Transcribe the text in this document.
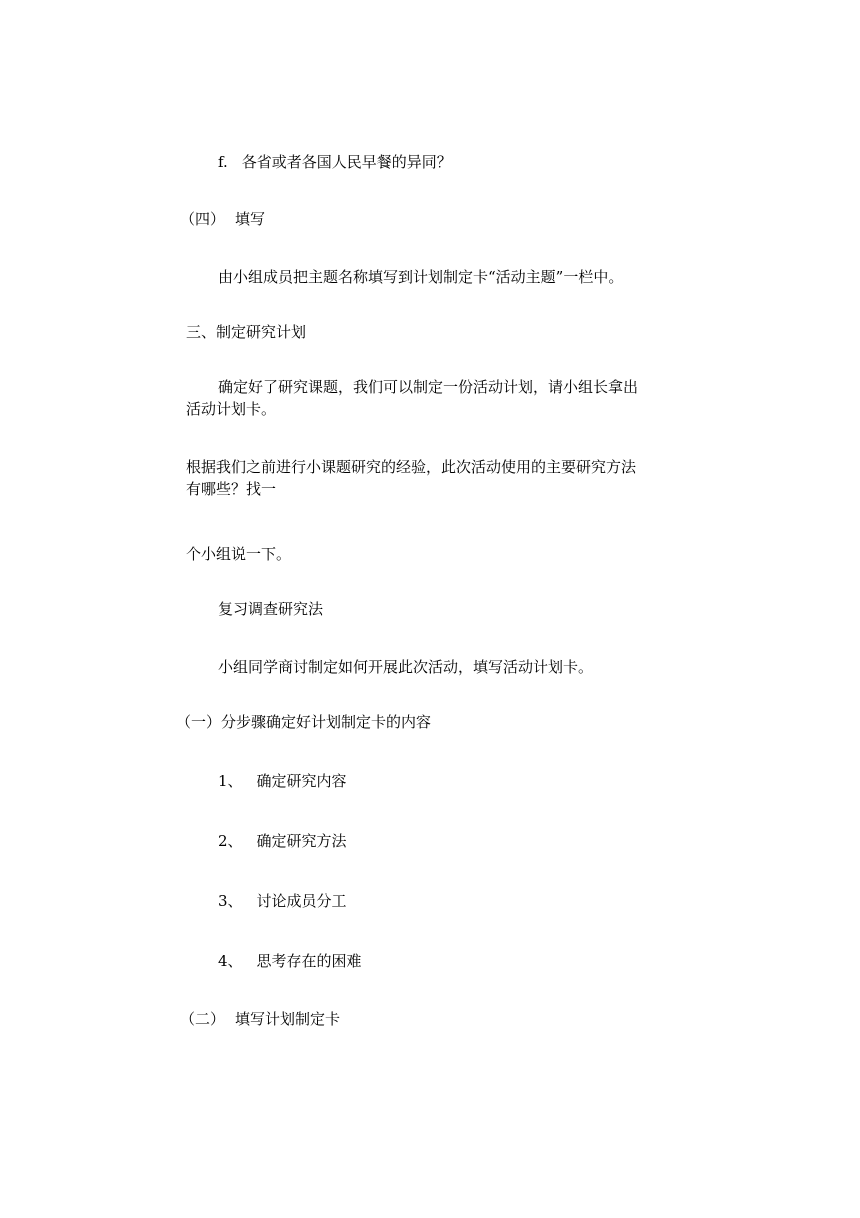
f. 各省或者各国人民早餐的异同？
（四） 填写
由小组成员把主题名称填写到计划制定卡“活动主题”一栏中。
三、制定研究计划
确定好了研究课题，我们可以制定一份活动计划，请小组长拿出
活动计划卡。
根据我们之前进行小课题研究的经验，此次活动使用的主要研究方法
有哪些？找一
个小组说一下。
复习调查研究法
小组同学商讨制定如何开展此次活动，填写活动计划卡。
（一）分步骤确定好计划制定卡的内容
1、 确定研究内容
2、 确定研究方法
3、 讨论成员分工
4、 思考存在的困难
（二） 填写计划制定卡
